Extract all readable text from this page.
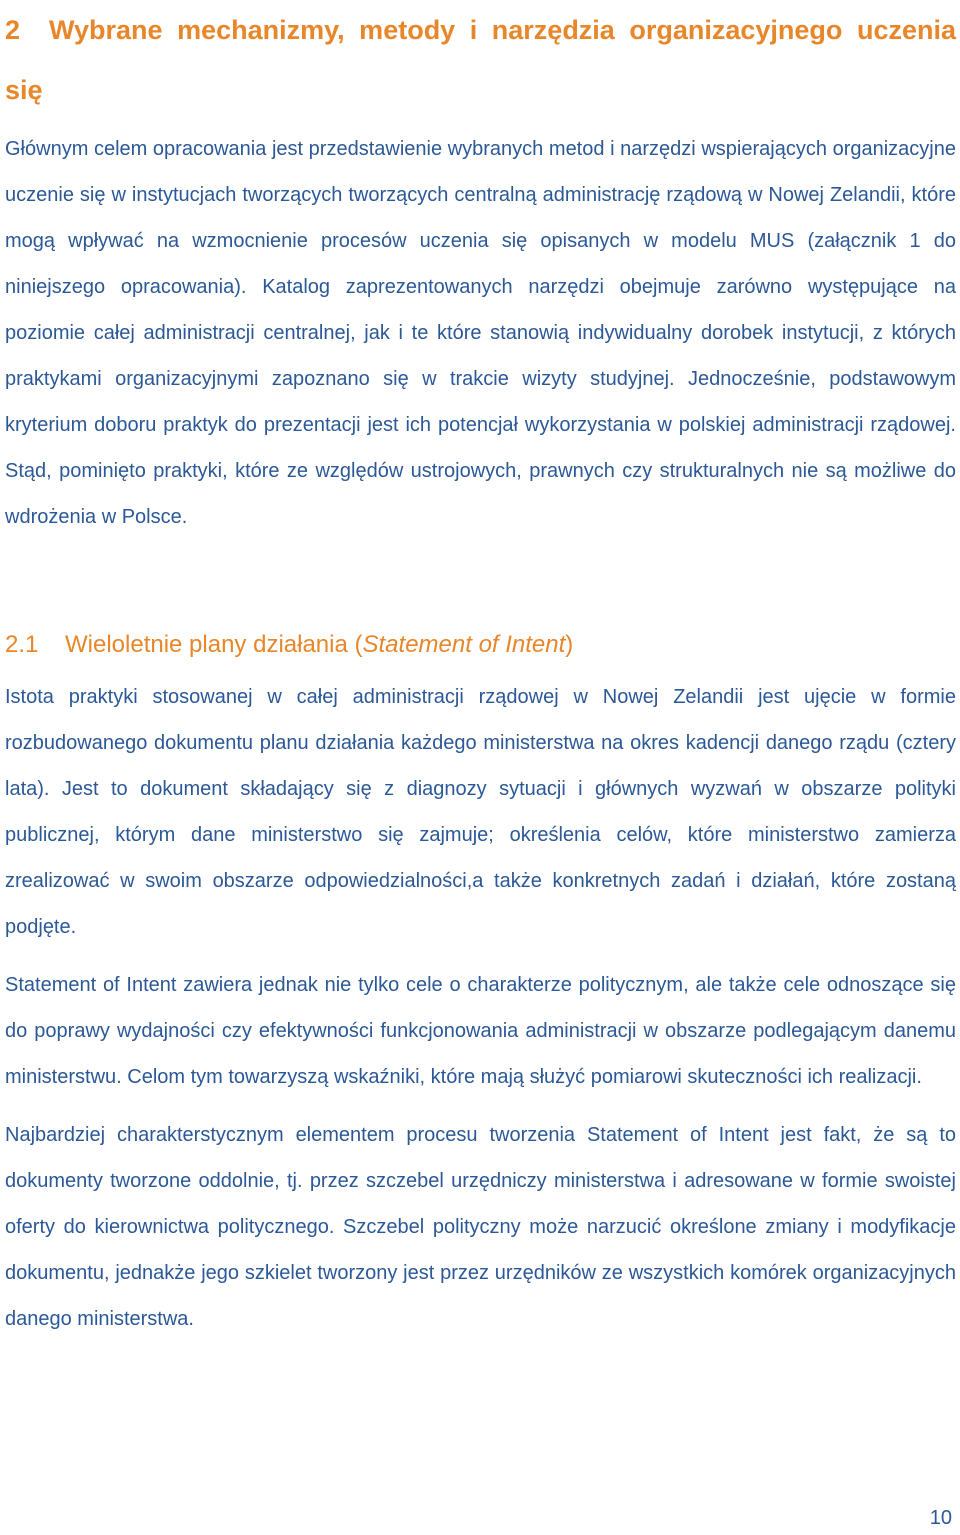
2 Wybrane mechanizmy, metody i narzędzia organizacyjnego uczenia się

Głównym celem opracowania jest przedstawienie wybranych metod i narzędzi wspierających organizacyjne uczenie się w instytucjach tworzących tworzących centralną administrację rządową w Nowej Zelandii, które mogą wpływać na wzmocnienie procesów uczenia się opisanych w modelu MUS (załącznik 1 do niniejszego opracowania). Katalog zaprezentowanych narzędzi obejmuje zarówno występujące na poziomie całej administracji centralnej, jak i te które stanowią indywidualny dorobek instytucji, z których praktykami organizacyjnymi zapoznano się w trakcie wizyty studyjnej. Jednocześnie, podstawowym kryterium doboru praktyk do prezentacji jest ich potencjał wykorzystania w polskiej administracji rządowej. Stąd, pominięto praktyki, które ze względów ustrojowych, prawnych czy strukturalnych nie są możliwe do wdrożenia w Polsce.

2.1 Wieloletnie plany działania (Statement of Intent)

Istota praktyki stosowanej w całej administracji rządowej w Nowej Zelandii jest ujęcie w formie rozbudowanego dokumentu planu działania każdego ministerstwa na okres kadencji danego rządu (cztery lata). Jest to dokument składający się z diagnozy sytuacji i głównych wyzwań w obszarze polityki publicznej, którym dane ministerstwo się zajmuje; określenia celów, które ministerstwo zamierza zrealizować w swoim obszarze odpowiedzialności,a także konkretnych zadań i działań, które zostaną podjęte.

Statement of Intent zawiera jednak nie tylko cele o charakterze politycznym, ale także cele odnoszące się do poprawy wydajności czy efektywności funkcjonowania administracji w obszarze podlegającym danemu ministerstwu. Celom tym towarzyszą wskaźniki, które mają służyć pomiarowi skuteczności ich realizacji.

Najbardziej charakterstycznym elementem procesu tworzenia Statement of Intent jest fakt, że są to dokumenty tworzone oddolnie, tj. przez szczebel urzędniczy ministerstwa i adresowane w formie swoistej oferty do kierownictwa politycznego. Szczebel polityczny może narzucić określone zmiany i modyfikacje dokumentu, jednakże jego szkielet tworzony jest przez urzędników ze wszystkich komórek organizacyjnych danego ministerstwa.

10
